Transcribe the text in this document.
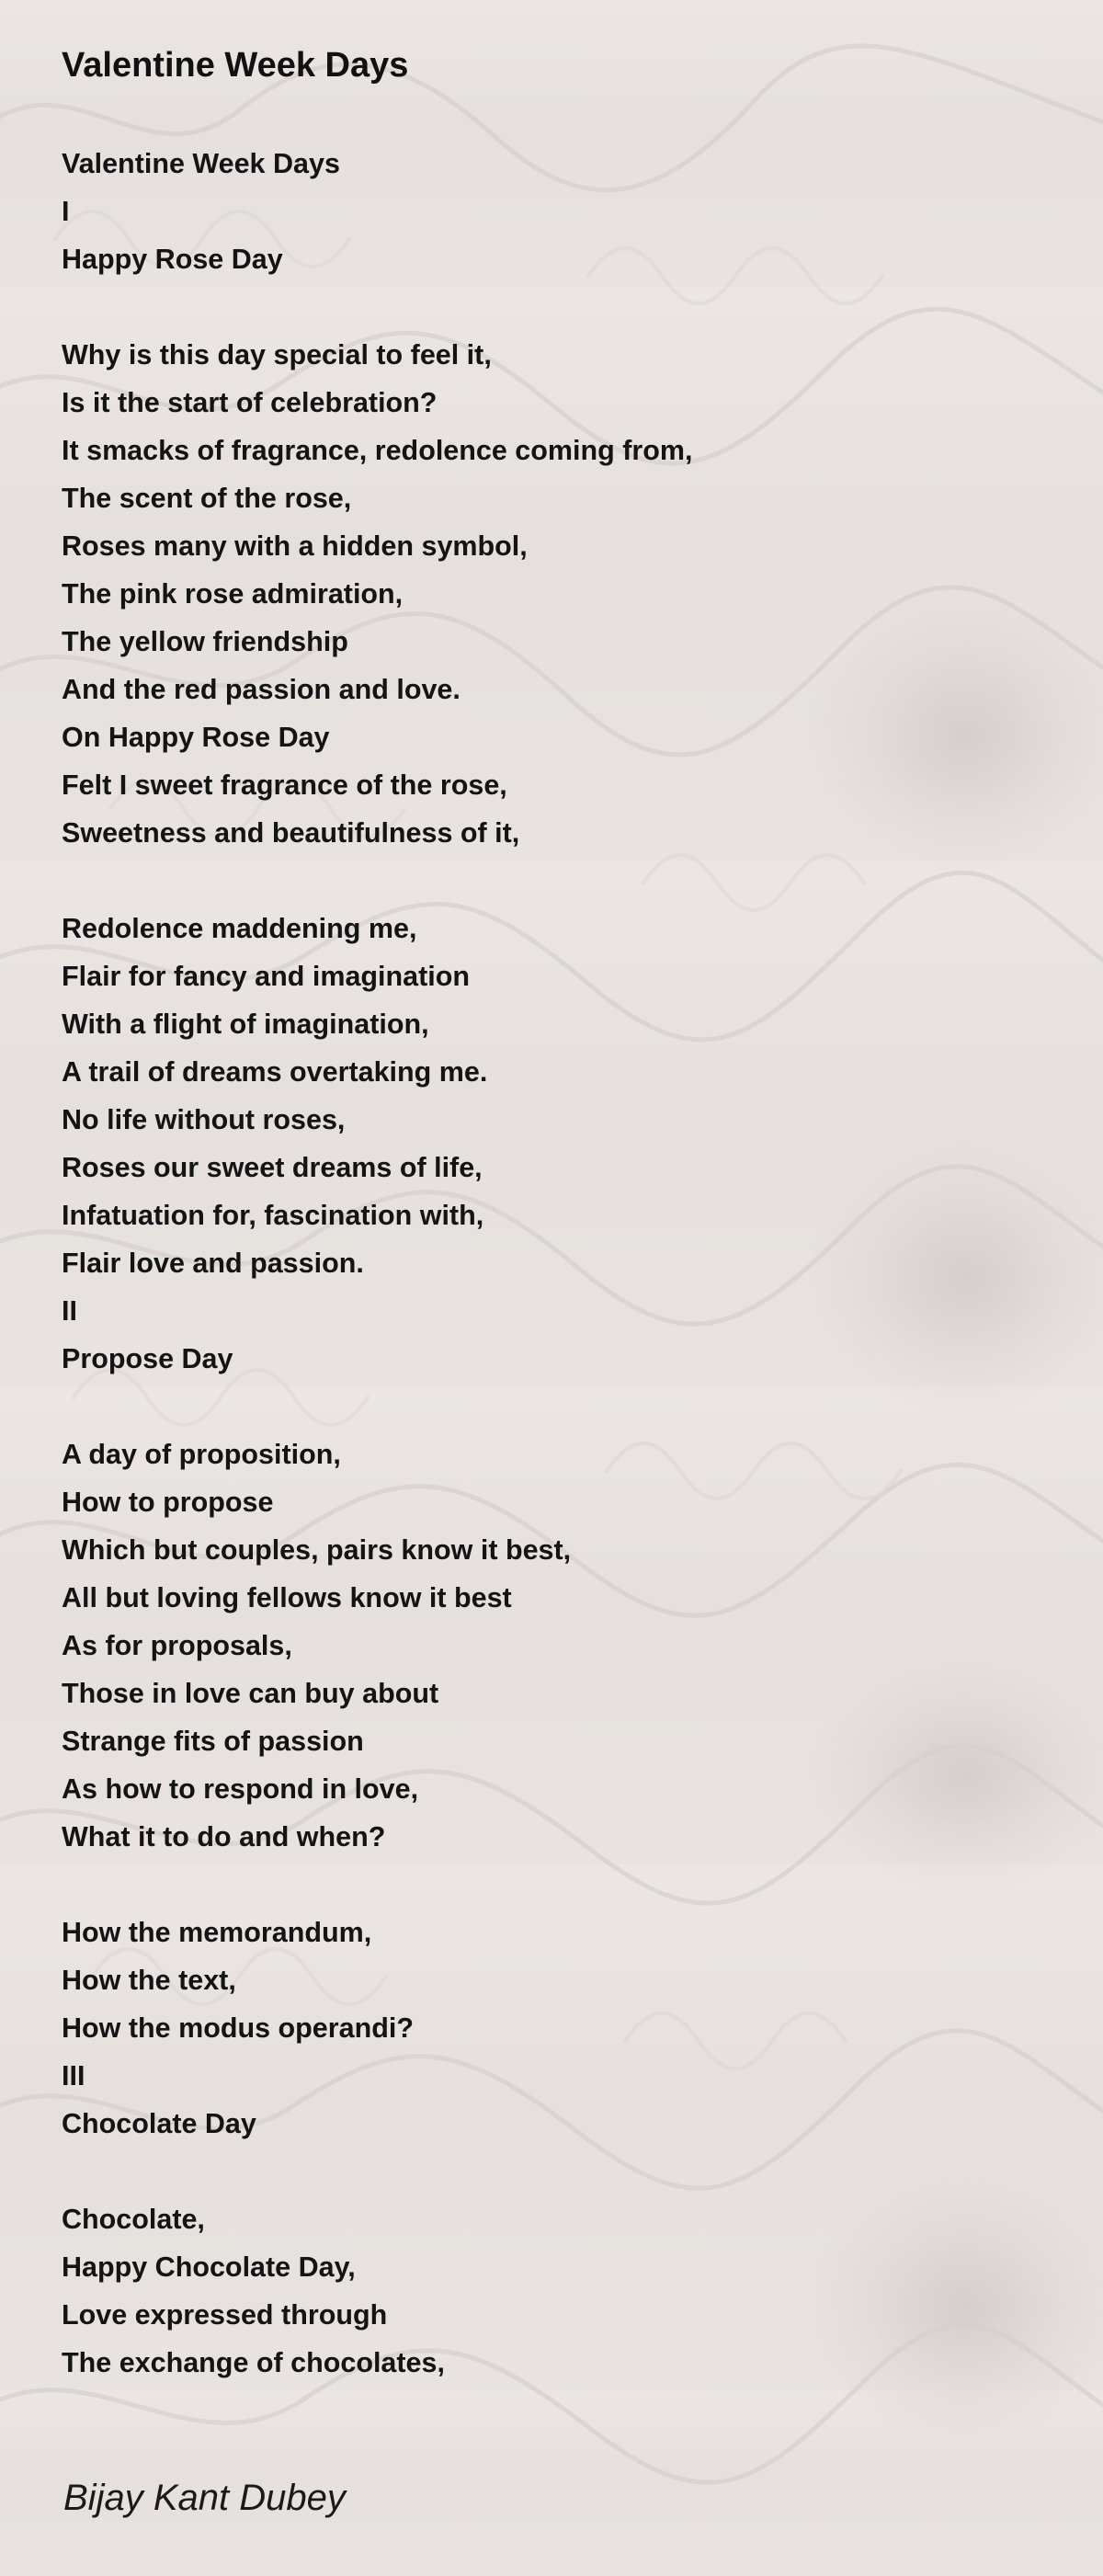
Valentine Week Days
Valentine Week Days
I
Happy Rose Day
Why is this day special to feel it,
Is it the start of celebration?
It smacks of fragrance, redolence coming from,
The scent of the rose,
Roses many with a hidden symbol,
The pink rose admiration,
The yellow friendship
And the red passion and love.
On Happy Rose Day
Felt I sweet fragrance of the rose,
Sweetness and beautifulness of it,
Redolence maddening me,
Flair for fancy and imagination
With a flight of imagination,
A trail of dreams overtaking me.
No life without roses,
Roses our sweet dreams of life,
Infatuation for, fascination with,
Flair love and passion.
II
Propose Day
A day of proposition,
How to propose
Which but couples, pairs know it best,
All but loving fellows know it best
As for proposals,
Those in love can buy about
Strange fits of passion
As how to respond in love,
What it to do and when?
How the memorandum,
How the text,
How the modus operandi?
III
Chocolate Day
Chocolate,
Happy Chocolate Day,
Love expressed through
The exchange of chocolates,
Bijay Kant Dubey
